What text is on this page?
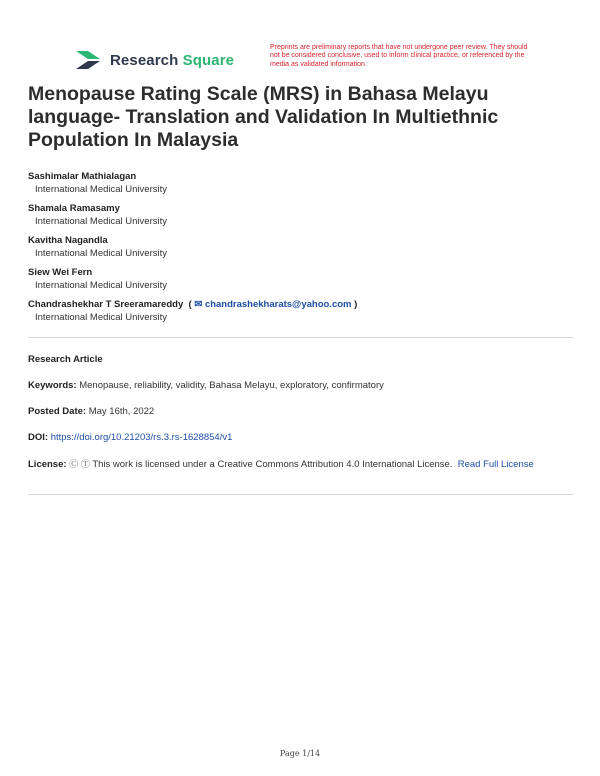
Research Square
Preprints are preliminary reports that have not undergone peer review. They should not be considered conclusive, used to inform clinical practice, or referenced by the media as validated information.
Menopause Rating Scale (MRS) in Bahasa Melayu language- Translation and Validation In Multiethnic Population In Malaysia
Sashimalar Mathialagan
International Medical University
Shamala Ramasamy
International Medical University
Kavitha Nagandla
International Medical University
Siew Wei Fern
International Medical University
Chandrashekhar T Sreeramareddy  ( ✉ chandrashekharats@yahoo.com )
International Medical University
Research Article
Keywords: Menopause, reliability, validity, Bahasa Melayu, exploratory, confirmatory
Posted Date: May 16th, 2022
DOI: https://doi.org/10.21203/rs.3.rs-1628854/v1
License: Ⓒ Ⓣ This work is licensed under a Creative Commons Attribution 4.0 International License. Read Full License
Page 1/14
